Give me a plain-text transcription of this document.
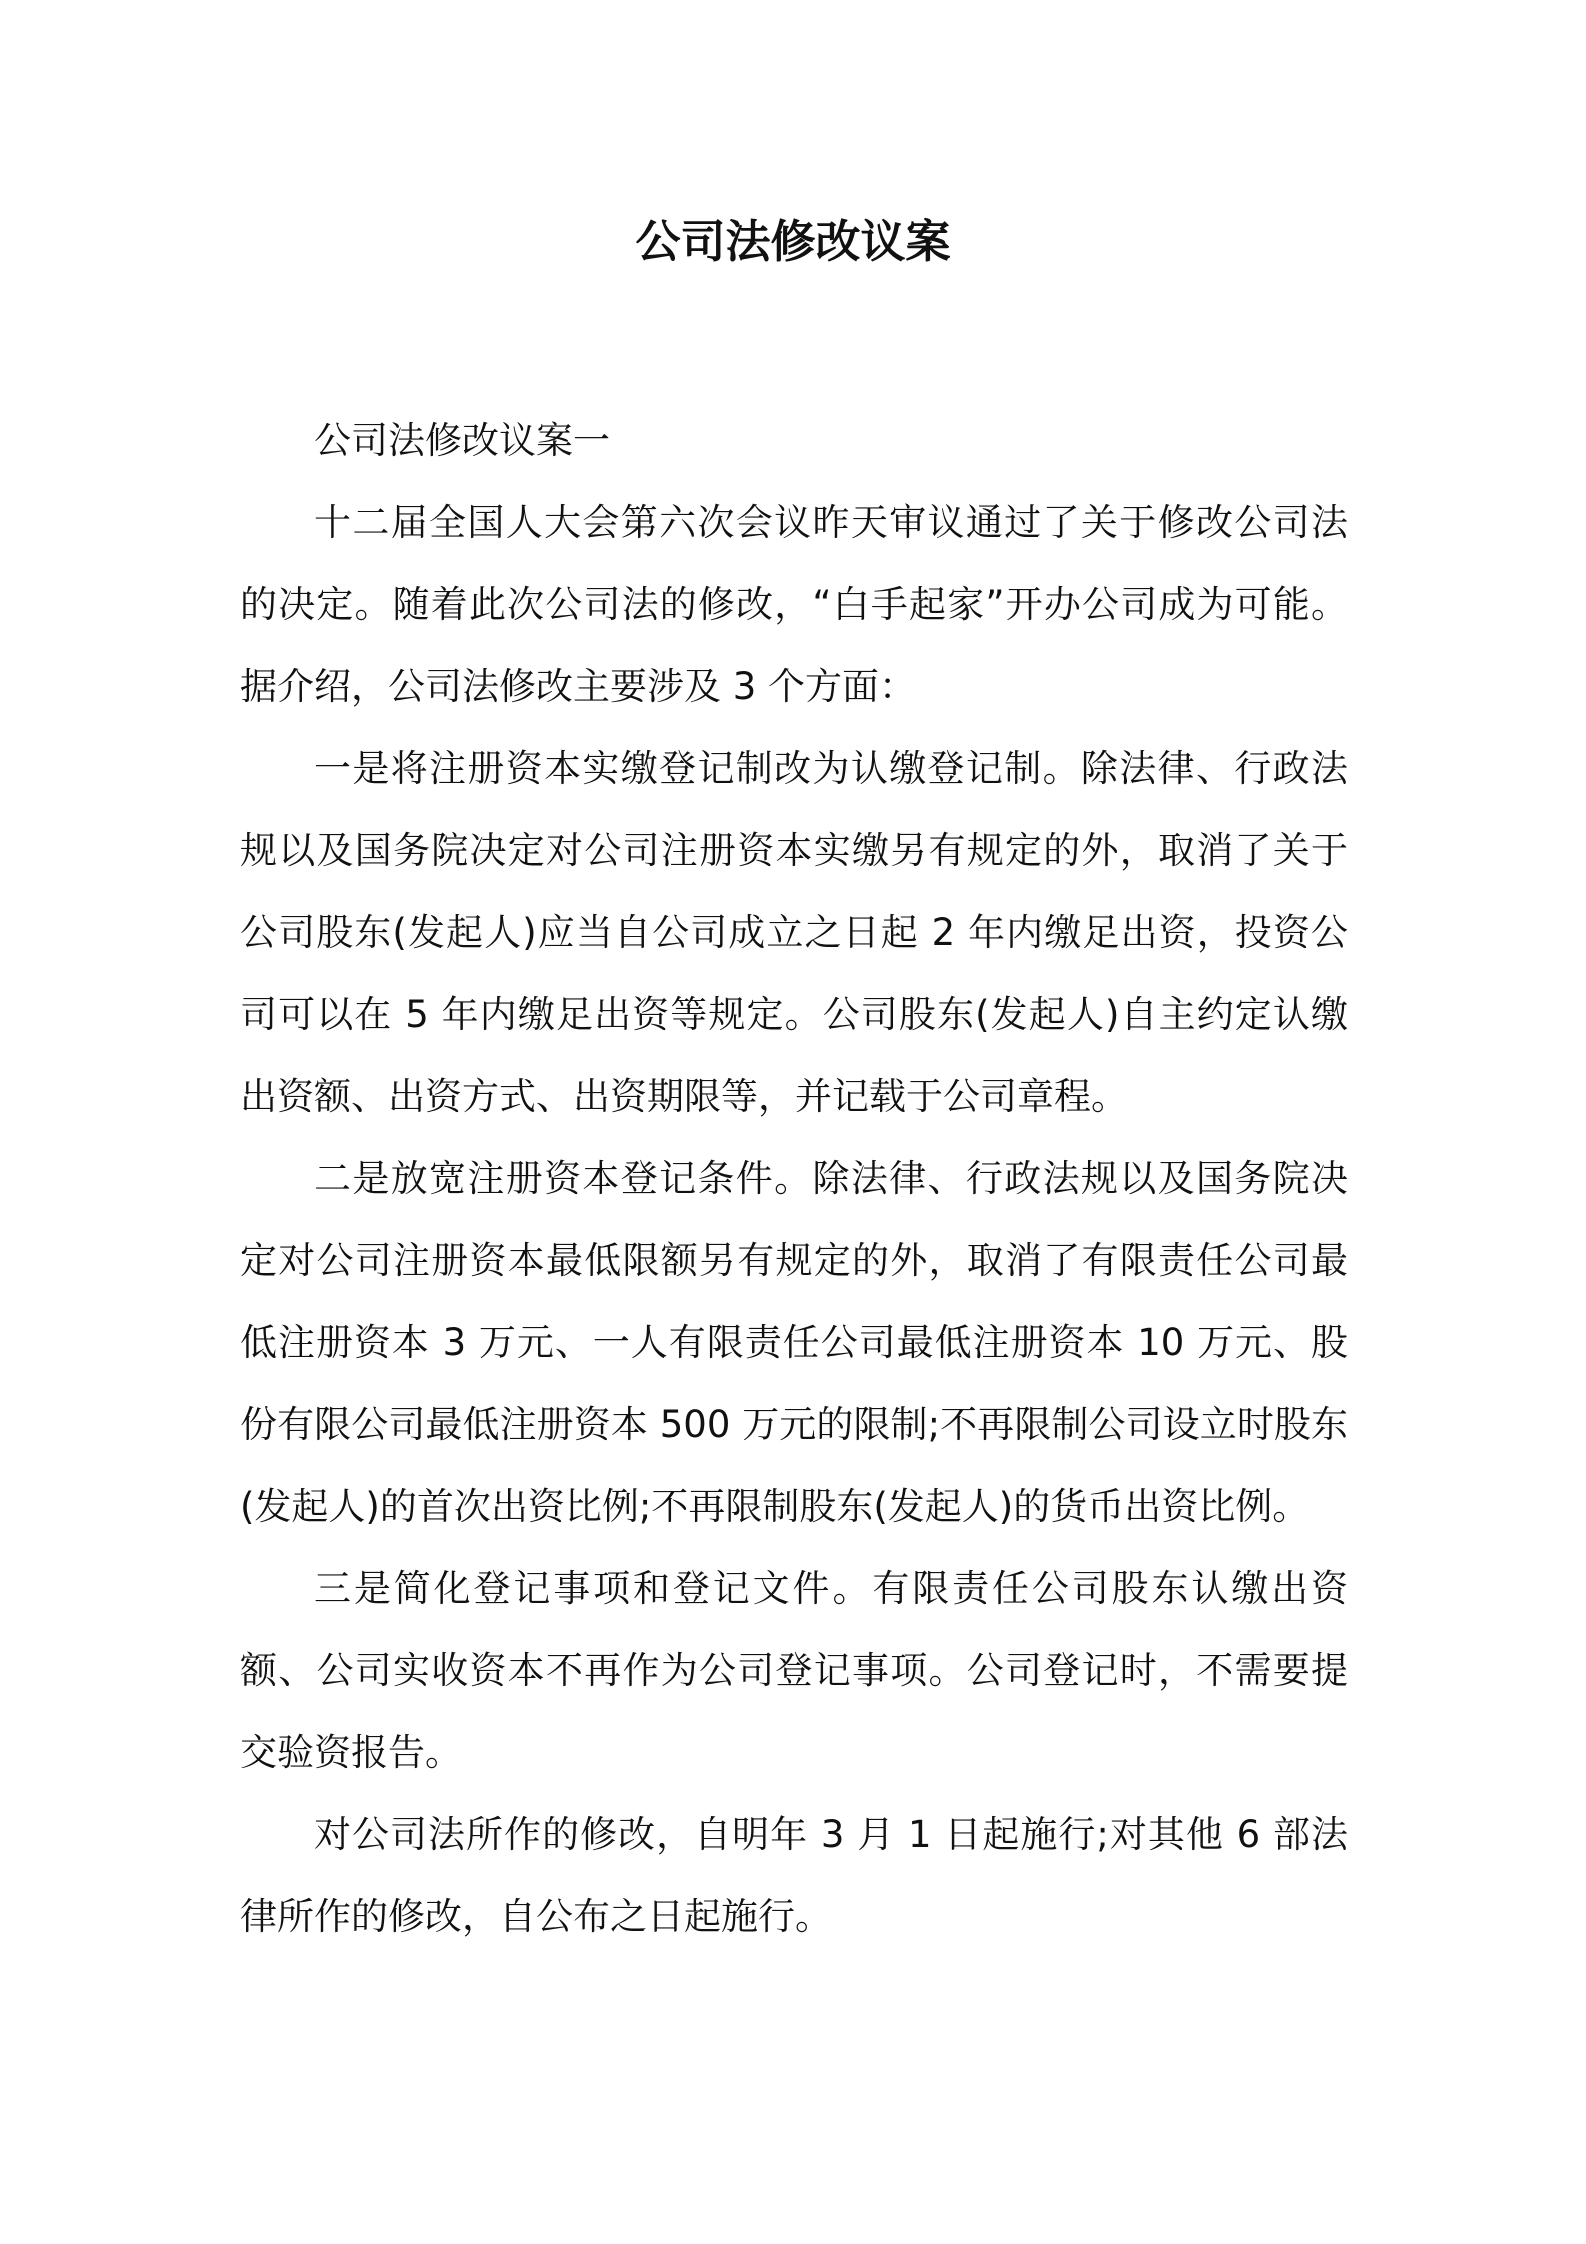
公司法修改议案

公司法修改议案一

十二届全国人大会第六次会议昨天审议通过了关于修改公司法的决定。随着此次公司法的修改，“白手起家”开办公司成为可能。据介绍，公司法修改主要涉及 3 个方面：

一是将注册资本实缴登记制改为认缴登记制。除法律、行政法规以及国务院决定对公司注册资本实缴另有规定的外，取消了关于公司股东(发起人)应当自公司成立之日起 2 年内缴足出资，投资公司可以在 5 年内缴足出资等规定。公司股东(发起人)自主约定认缴出资额、出资方式、出资期限等，并记载于公司章程。

二是放宽注册资本登记条件。除法律、行政法规以及国务院决定对公司注册资本最低限额另有规定的外，取消了有限责任公司最低注册资本 3 万元、一人有限责任公司最低注册资本 10 万元、股份有限公司最低注册资本 500 万元的限制;不再限制公司设立时股东(发起人)的首次出资比例;不再限制股东(发起人)的货币出资比例。

三是简化登记事项和登记文件。有限责任公司股东认缴出资额、公司实收资本不再作为公司登记事项。公司登记时，不需要提交验资报告。

对公司法所作的修改，自明年 3 月 1 日起施行;对其他 6 部法律所作的修改，自公布之日起施行。
